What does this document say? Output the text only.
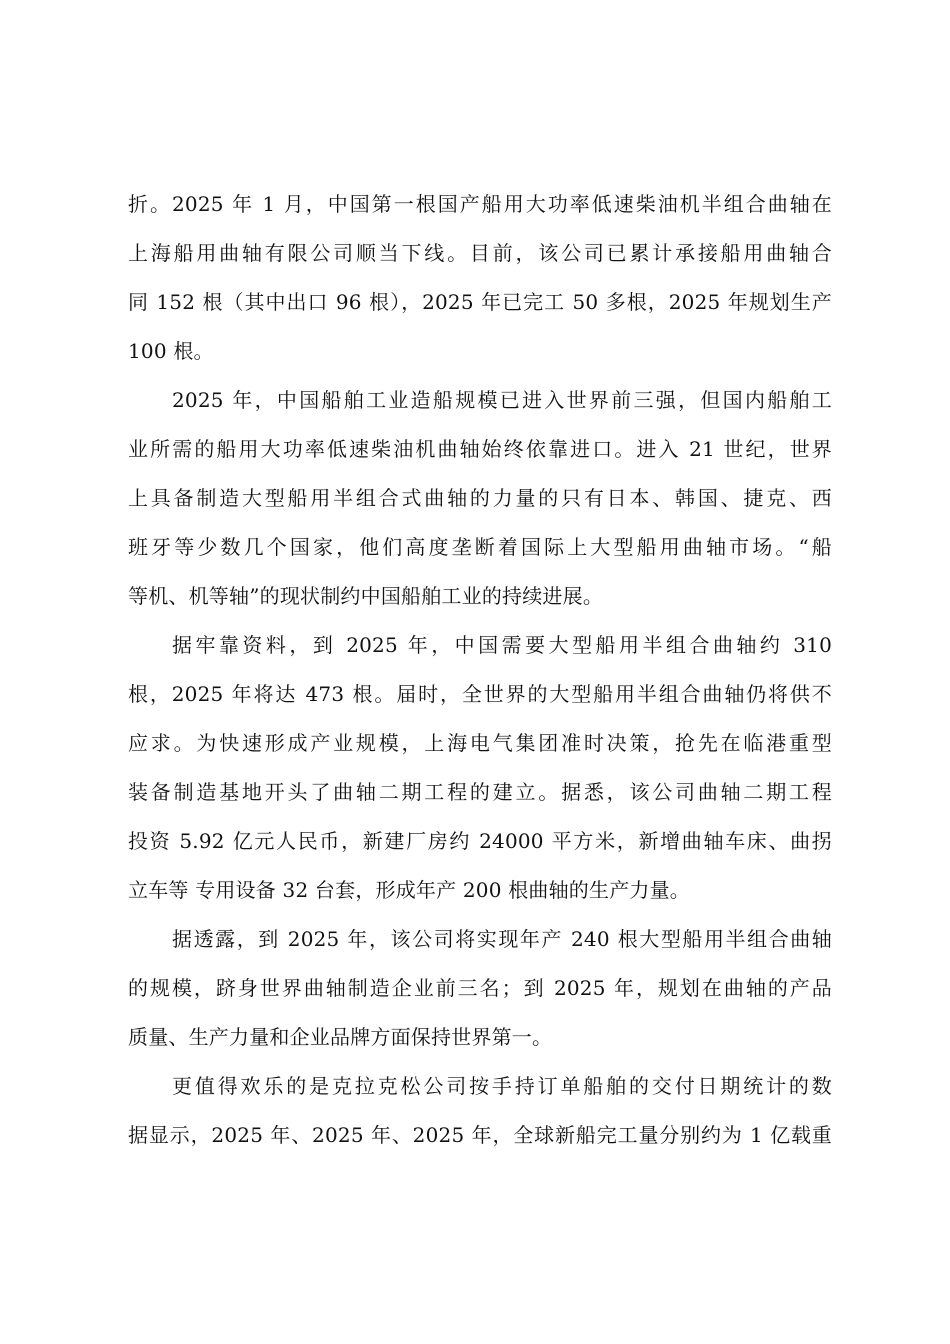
折。2025 年 1 月，中国第一根国产船用大功率低速柴油机半组合曲轴在
上海船用曲轴有限公司顺当下线。目前，该公司已累计承接船用曲轴合
同 152 根（其中出口 96 根），2025 年已完工 50 多根，2025 年规划生产
100 根。
2025 年，中国船舶工业造船规模已进入世界前三强，但国内船舶工
业所需的船用大功率低速柴油机曲轴始终依靠进口。进入 21 世纪，世界
上具备制造大型船用半组合式曲轴的力量的只有日本、韩国、捷克、西
班牙等少数几个国家，他们高度垄断着国际上大型船用曲轴市场。“船
等机、机等轴”的现状制约中国船舶工业的持续进展。
据牢靠资料，到 2025 年，中国需要大型船用半组合曲轴约 310
根，2025 年将达 473 根。届时，全世界的大型船用半组合曲轴仍将供不
应求。为快速形成产业规模，上海电气集团准时决策，抢先在临港重型
装备制造基地开头了曲轴二期工程的建立。据悉，该公司曲轴二期工程
投资 5.92 亿元人民币，新建厂房约 24000 平方米，新增曲轴车床、曲拐
立车等 专用设备 32 台套，形成年产 200 根曲轴的生产力量。
据透露，到 2025 年，该公司将实现年产 240 根大型船用半组合曲轴
的规模，跻身世界曲轴制造企业前三名；到 2025 年，规划在曲轴的产品
质量、生产力量和企业品牌方面保持世界第一。
更值得欢乐的是克拉克松公司按手持订单船舶的交付日期统计的数
据显示，2025 年、2025 年、2025 年，全球新船完工量分别约为 1 亿载重
